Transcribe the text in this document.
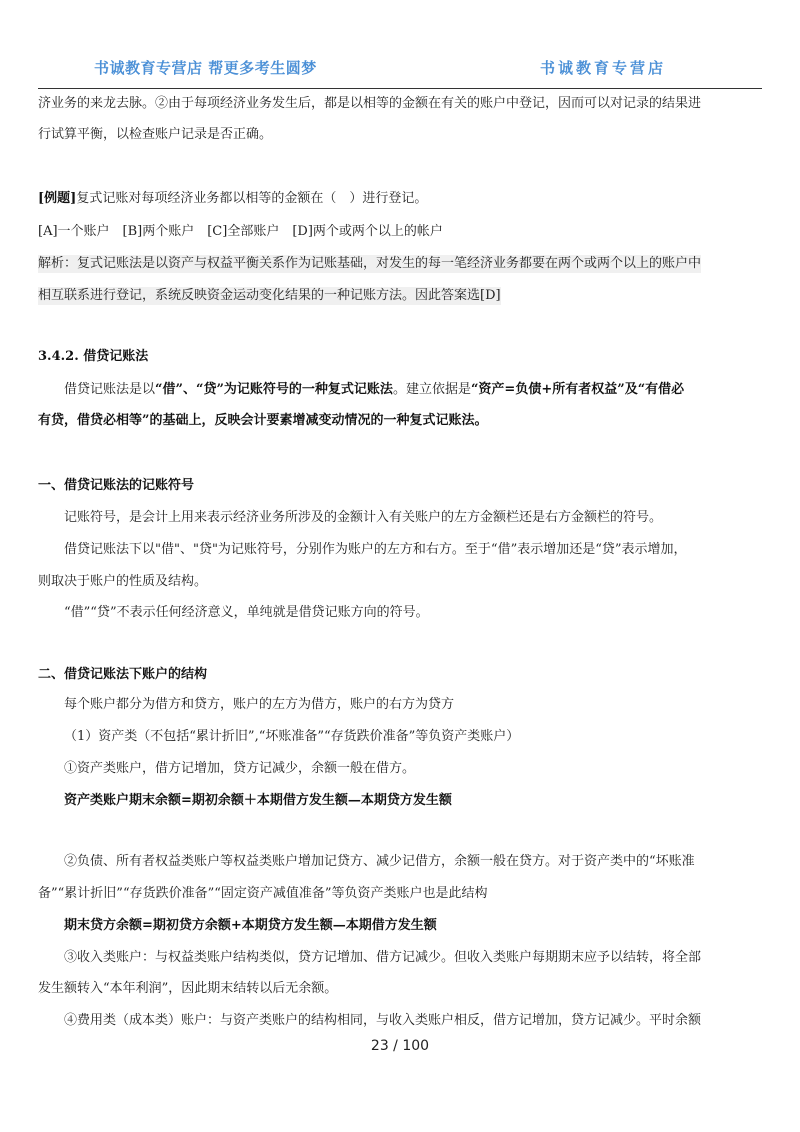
书诚教育专营店 帮更多考生圆梦	书诚教育专营店
济业务的来龙去脉。②由于每项经济业务发生后，都是以相等的金额在有关的账户中登记，因而可以对记录的结果进
行试算平衡，以检查账户记录是否正确。
[例题]复式记账对每项经济业务都以相等的金额在（　）进行登记。
[A]一个账户　[B]两个账户　[C]全部账户　[D]两个或两个以上的帐户
解析：复式记账法是以资产与权益平衡关系作为记账基础，对发生的每一笔经济业务都要在两个或两个以上的账户中
相互联系进行登记，系统反映资金运动变化结果的一种记账方法。因此答案选[D]
3.4.2. 借贷记账法
借贷记账法是以“借”、“贷”为记账符号的一种复式记账法。建立依据是“资产=负债+所有者权益”及“有借必
有贷，借贷必相等”的基础上，反映会计要素增减变动情况的一种复式记账法。
一、借贷记账法的记账符号
记账符号，是会计上用来表示经济业务所涉及的金额计入有关账户的左方金额栏还是右方金额栏的符号。
借贷记账法下以"借"、"贷"为记账符号，分别作为账户的左方和右方。至于“借”表示增加还是“贷”表示增加，
则取决于账户的性质及结构。
“借”“贷”不表示任何经济意义，单纯就是借贷记账方向的符号。
二、借贷记账法下账户的结构
每个账户都分为借方和贷方，账户的左方为借方，账户的右方为贷方
（1）资产类（不包括“累计折旧”,“坏账准备”“存货跌价准备”等负资产类账户）
①资产类账户，借方记增加，贷方记减少，余额一般在借方。
资产类账户期末余额=期初余额＋本期借方发生额—本期贷方发生额
②负债、所有者权益类账户等权益类账户增加记贷方、减少记借方，余额一般在贷方。对于资产类中的“坏账准
备”“累计折旧”“存货跌价准备”“固定资产减值准备”等负资产类账户也是此结构
期末贷方余额=期初贷方余额+本期贷方发生额—本期借方发生额
③收入类账户：与权益类账户结构类似，贷方记增加、借方记减少。但收入类账户每期期末应予以结转，将全部
发生额转入“本年利润”，因此期末结转以后无余额。
④费用类（成本类）账户：与资产类账户的结构相同，与收入类账户相反，借方记增加，贷方记减少。平时余额
23 / 100
